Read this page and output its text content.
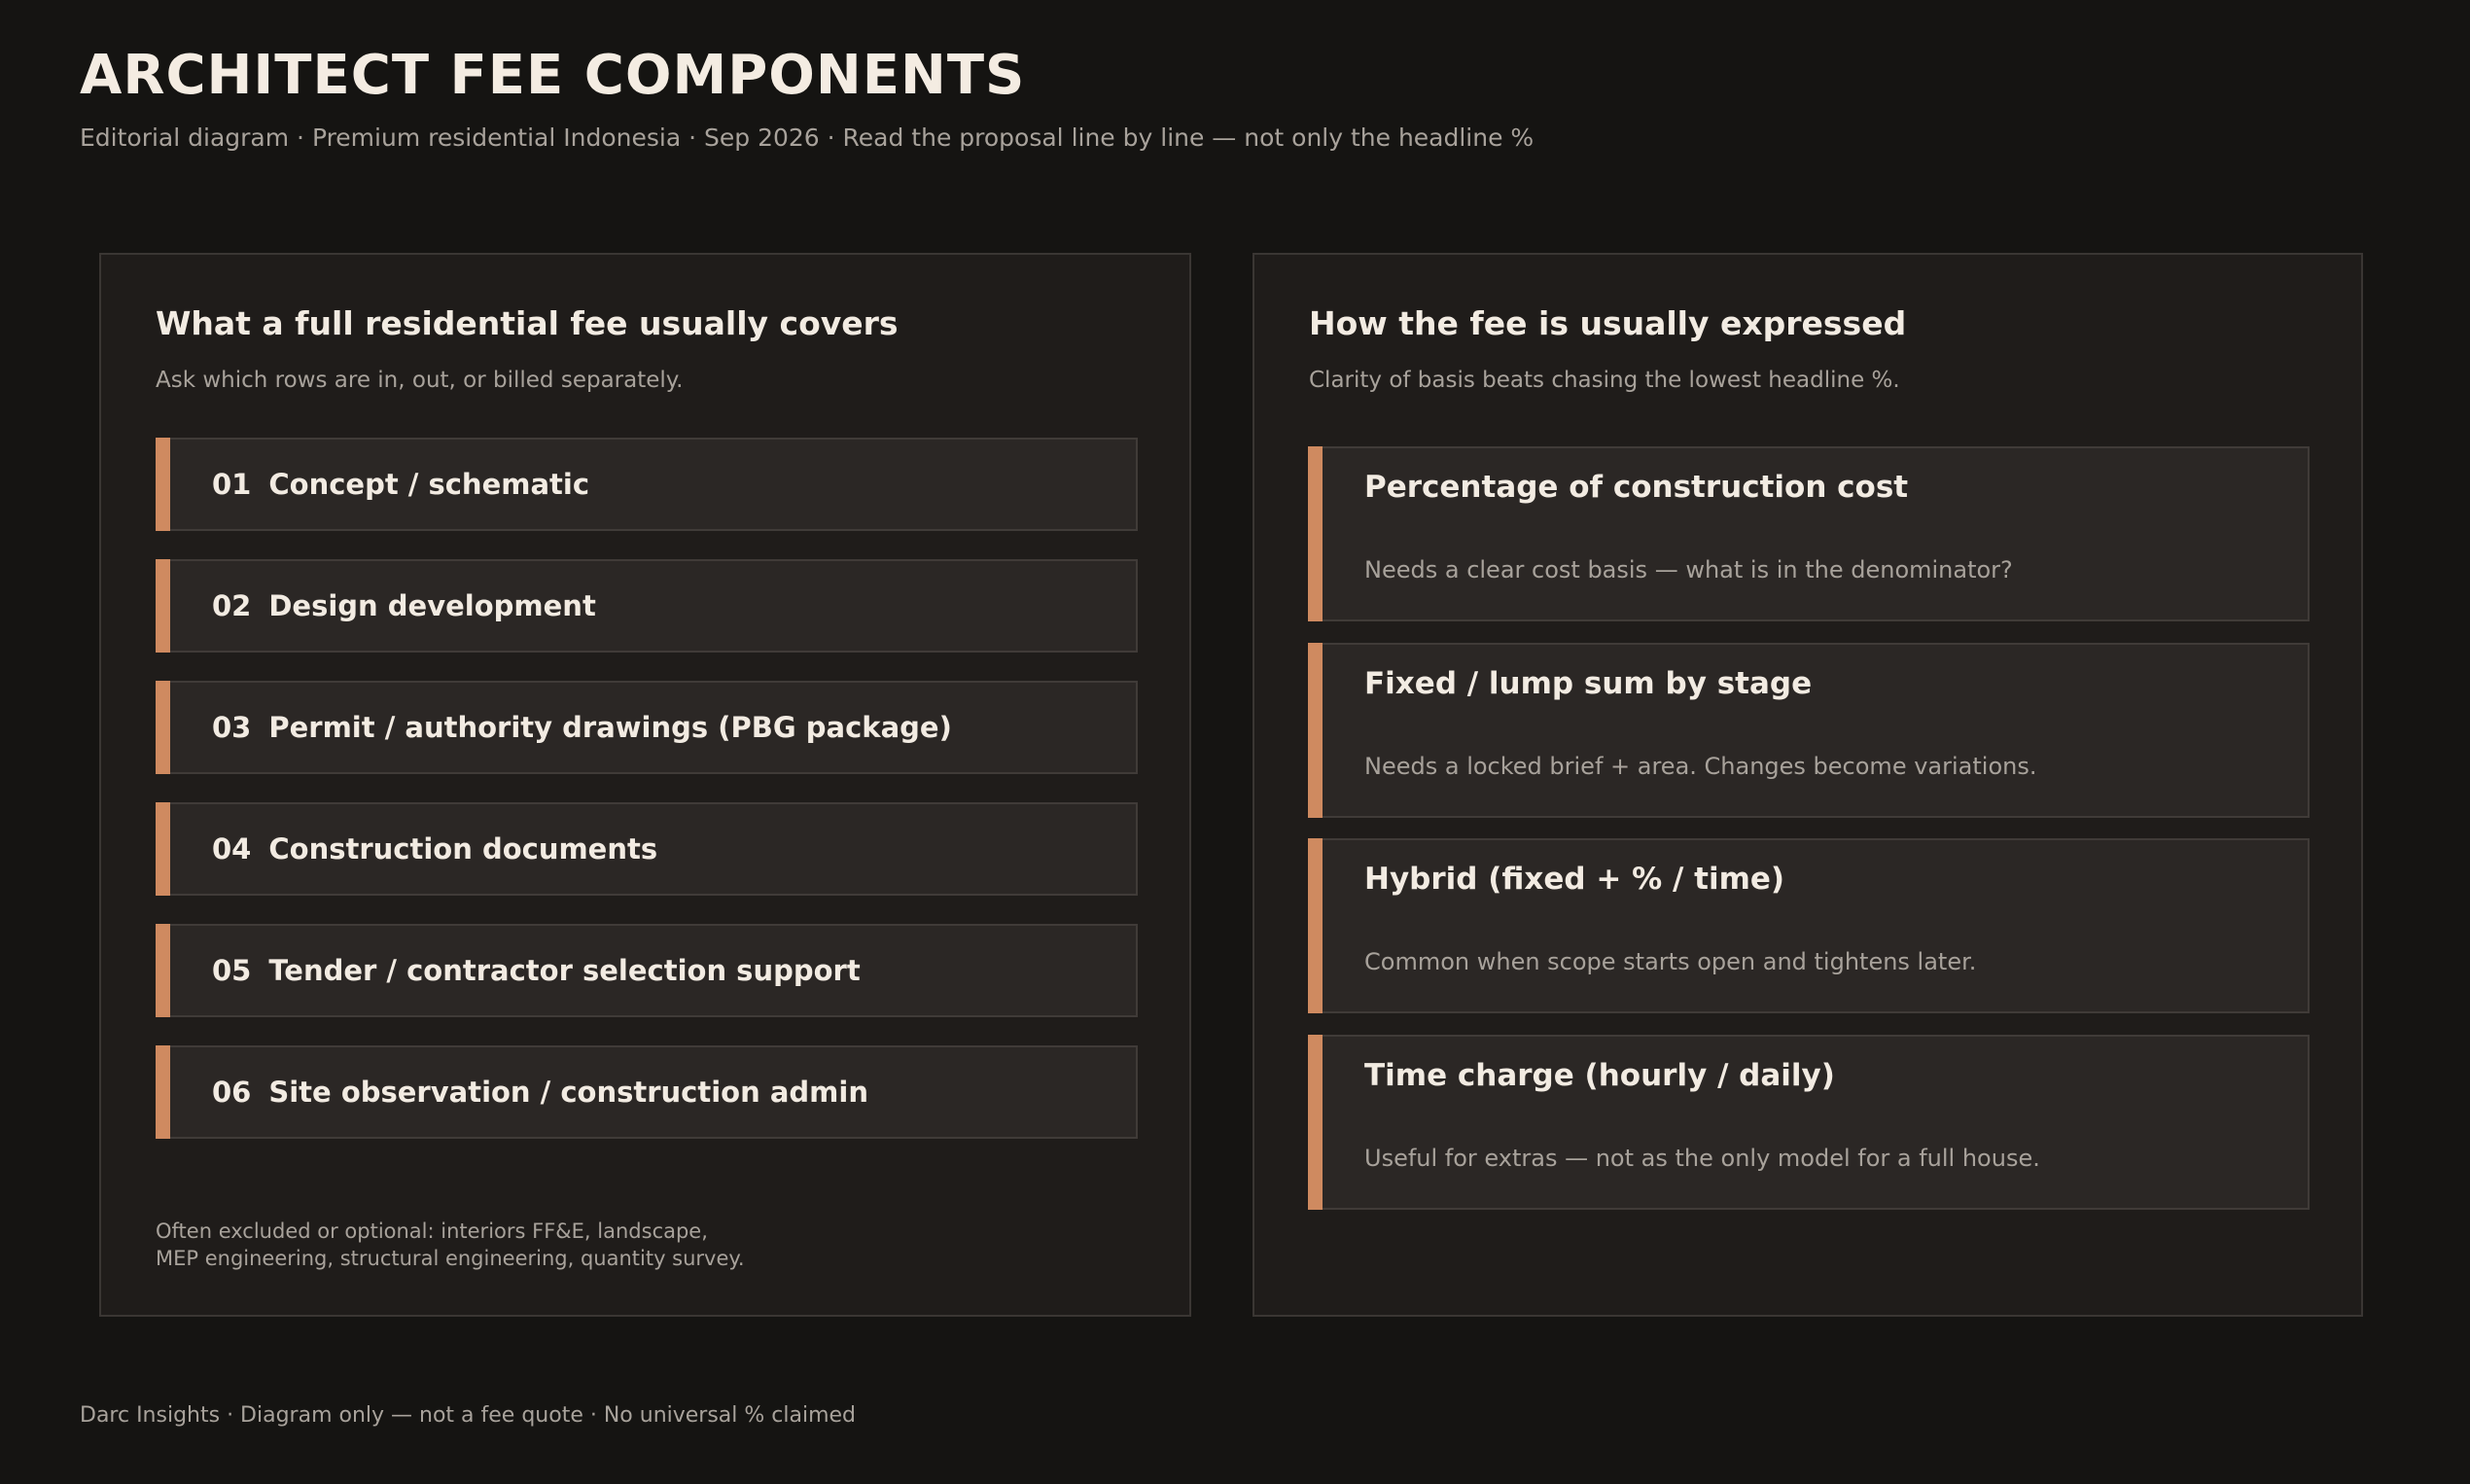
ARCHITECT FEE COMPONENTS
Editorial diagram · Premium residential Indonesia · Sep 2026 · Read the proposal line by line — not only the headline %
What a full residential fee usually covers
Ask which rows are in, out, or billed separately.
01 Concept / schematic
02 Design development
03 Permit / authority drawings (PBG package)
04 Construction documents
05 Tender / contractor selection support
06 Site observation / construction admin
Often excluded or optional: interiors FF&E, landscape,
MEP engineering, structural engineering, quantity survey.
How the fee is usually expressed
Clarity of basis beats chasing the lowest headline %.
Percentage of construction cost
Needs a clear cost basis — what is in the denominator?
Fixed / lump sum by stage
Needs a locked brief + area. Changes become variations.
Hybrid (fixed + % / time)
Common when scope starts open and tightens later.
Time charge (hourly / daily)
Useful for extras — not as the only model for a full house.
Darc Insights · Diagram only — not a fee quote · No universal % claimed
